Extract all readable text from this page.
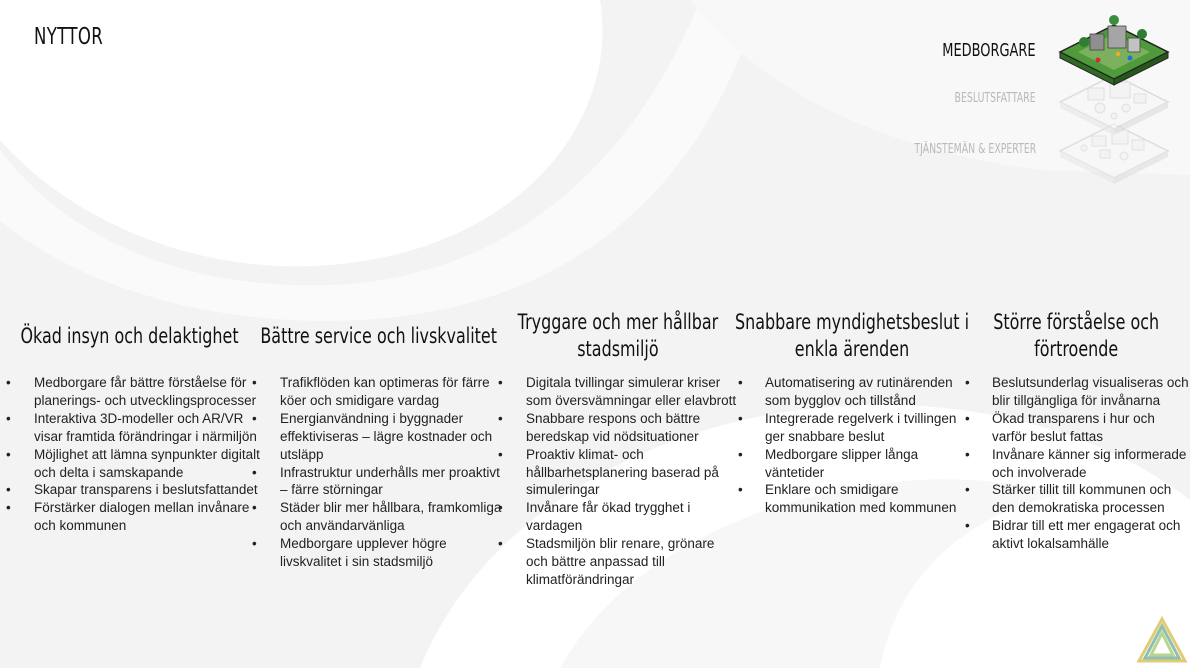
NYTTOR
MEDBORGARE
BESLUTSFATTARE
TJÄNSTEMÄN & EXPERTER
Ökad insyn och delaktighet
• Medborgare får bättre förståelse för planerings- och utvecklingsprocesser
• Interaktiva 3D-modeller och AR/VR visar framtida förändringar i närmiljön
• Möjlighet att lämna synpunkter digitalt och delta i samskapande
• Skapar transparens i beslutsfattandet
• Förstärker dialogen mellan invånare och kommunen
Bättre service och livskvalitet
• Trafikflöden kan optimeras för färre köer och smidigare vardag
• Energianvändning i byggnader effektiviseras – lägre kostnader och utsläpp
• Infrastruktur underhålls mer proaktivt – färre störningar
• Städer blir mer hållbara, framkomliga och användarvänliga
• Medborgare upplever högre livskvalitet i sin stadsmiljö
Tryggare och mer hållbar
stadsmiljö
• Digitala tvillingar simulerar kriser som översvämningar eller elavbrott
• Snabbare respons och bättre beredskap vid nödsituationer
• Proaktiv klimat- och hållbarhetsplanering baserad på simuleringar
• Invånare får ökad trygghet i vardagen
• Stadsmiljön blir renare, grönare och bättre anpassad till klimatförändringar
Snabbare myndighetsbeslut i
enkla ärenden
• Automatisering av rutinärenden som bygglov och tillstånd
• Integrerade regelverk i tvillingen ger snabbare beslut
• Medborgare slipper långa väntetider
• Enklare och smidigare kommunikation med kommunen
Större förståelse och
förtroende
• Beslutsunderlag visualiseras och blir tillgängliga för invånarna
• Ökad transparens i hur och varför beslut fattas
• Invånare känner sig informerade och involverade
• Stärker tillit till kommunen och den demokratiska processen
• Bidrar till ett mer engagerat och aktivt lokalsamhälle
